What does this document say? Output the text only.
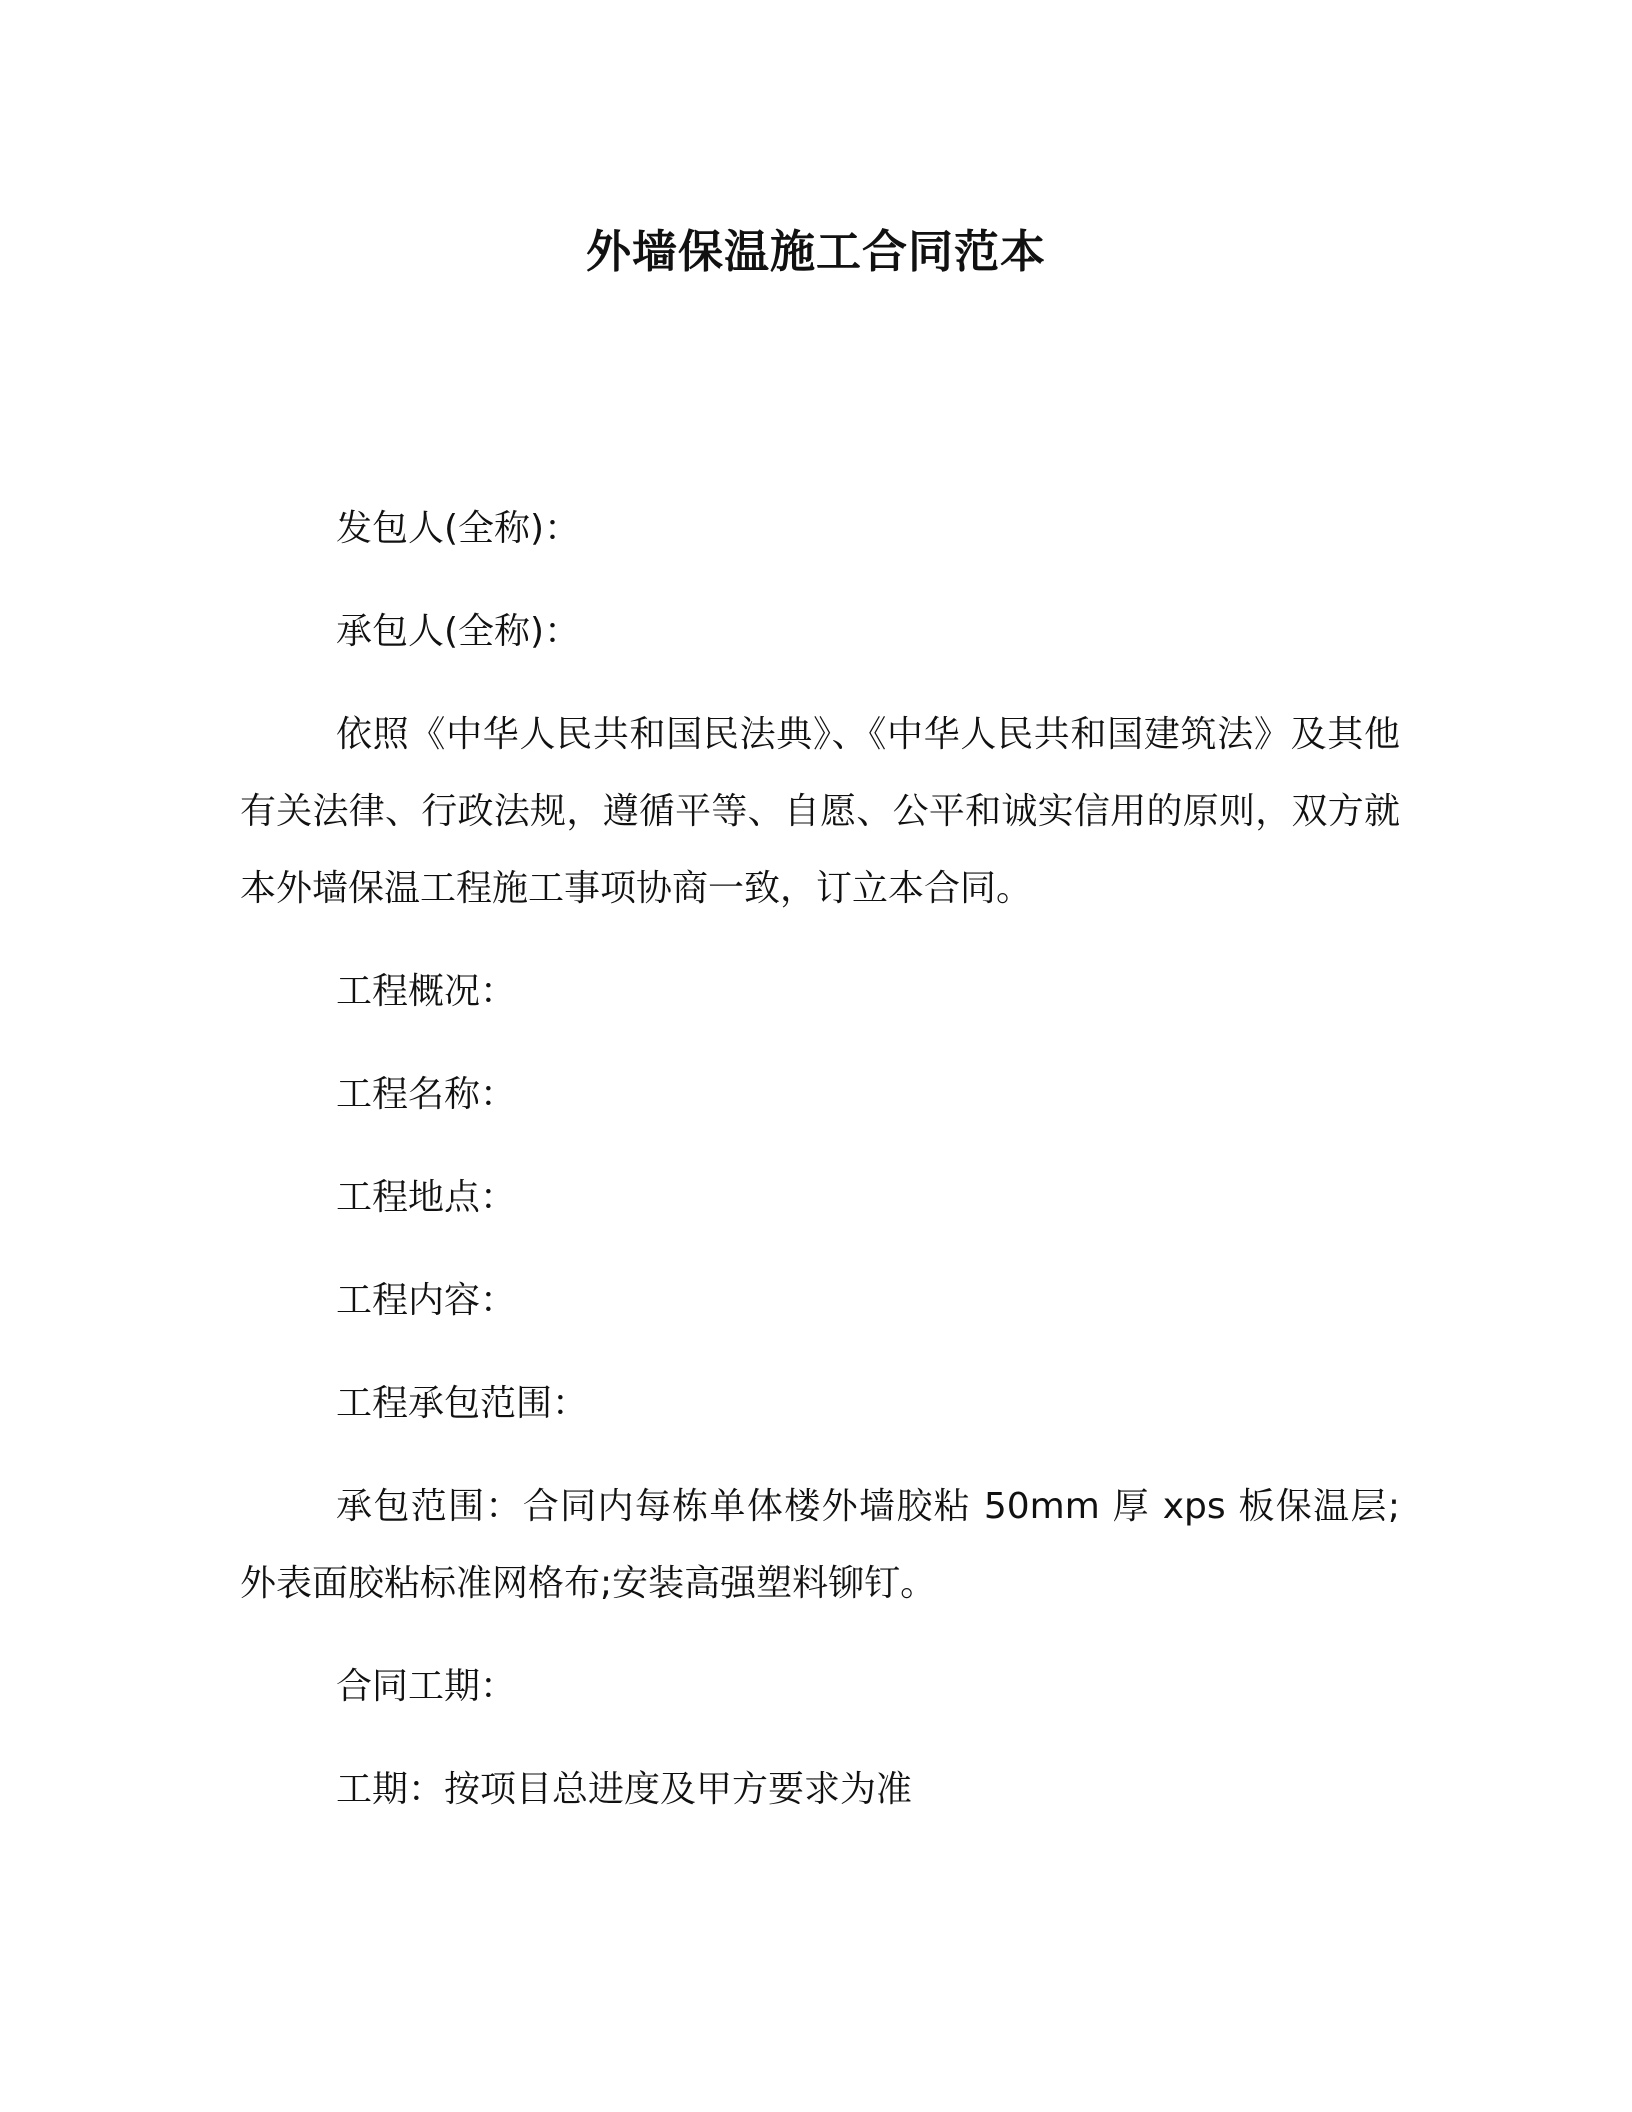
外墙保温施工合同范本

发包人(全称)：

承包人(全称)：

依照《中华人民共和国民法典》、《中华人民共和国建筑法》及其他有关法律、行政法规，遵循平等、自愿、公平和诚实信用的原则，双方就本外墙保温工程施工事项协商一致，订立本合同。

工程概况：

工程名称：

工程地点：

工程内容：

工程承包范围：

承包范围：合同内每栋单体楼外墙胶粘 50mm 厚 xps 板保温层;外表面胶粘标准网格布;安装高强塑料铆钉。

合同工期：

工期：按项目总进度及甲方要求为准
